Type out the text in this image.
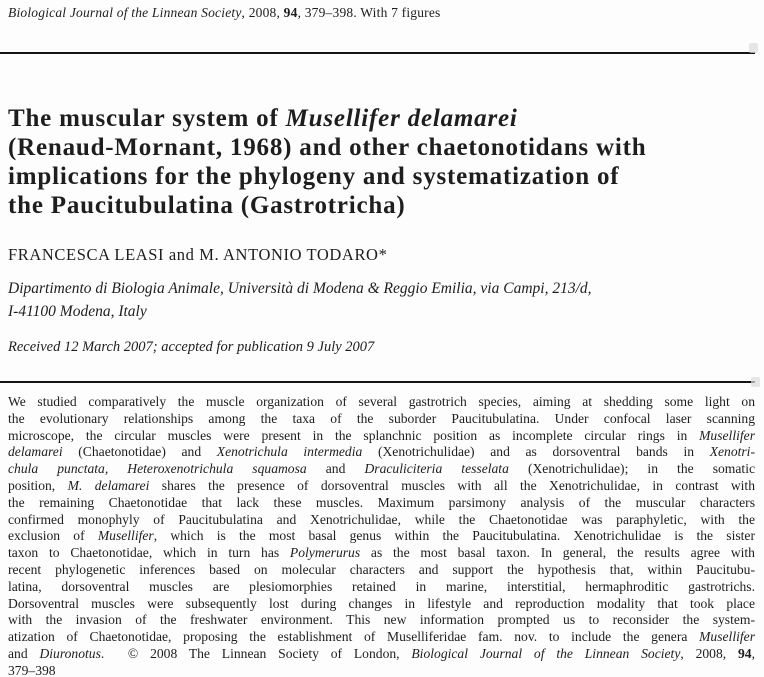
Biological Journal of the Linnean Society, 2008, 94, 379–398. With 7 figures
The muscular system of Musellifer delamarei
(Renaud-Mornant, 1968) and other chaetonotidans with
implications for the phylogeny and systematization of
the Paucitubulatina (Gastrotricha)
FRANCESCA LEASI and M. ANTONIO TODARO*
Dipartimento di Biologia Animale, Università di Modena & Reggio Emilia, via Campi, 213/d,
I-41100 Modena, Italy
Received 12 March 2007; accepted for publication 9 July 2007
We studied comparatively the muscle organization of several gastrotrich species, aiming at shedding some light on
the evolutionary relationships among the taxa of the suborder Paucitubulatina. Under confocal laser scanning
microscope, the circular muscles were present in the splanchnic position as incomplete circular rings in Musellifer
delamarei (Chaetonotidae) and Xenotrichula intermedia (Xenotrichulidae) and as dorsoventral bands in Xenotri-
chula punctata, Heteroxenotrichula squamosa and Draculiciteria tesselata (Xenotrichulidae); in the somatic
position, M. delamarei shares the presence of dorsoventral muscles with all the Xenotrichulidae, in contrast with
the remaining Chaetonotidae that lack these muscles. Maximum parsimony analysis of the muscular characters
confirmed monophyly of Paucitubulatina and Xenotrichulidae, while the Chaetonotidae was paraphyletic, with the
exclusion of Musellifer, which is the most basal genus within the Paucitubulatina. Xenotrichulidae is the sister
taxon to Chaetonotidae, which in turn has Polymerurus as the most basal taxon. In general, the results agree with
recent phylogenetic inferences based on molecular characters and support the hypothesis that, within Paucitubu-
latina, dorsoventral muscles are plesiomorphies retained in marine, interstitial, hermaphroditic gastrotrichs.
Dorsoventral muscles were subsequently lost during changes in lifestyle and reproduction modality that took place
with the invasion of the freshwater environment. This new information prompted us to reconsider the system-
atization of Chaetonotidae, proposing the establishment of Muselliferidae fam. nov. to include the genera Musellifer
and Diuronotus.  © 2008 The Linnean Society of London, Biological Journal of the Linnean Society, 2008, 94,
379–398
